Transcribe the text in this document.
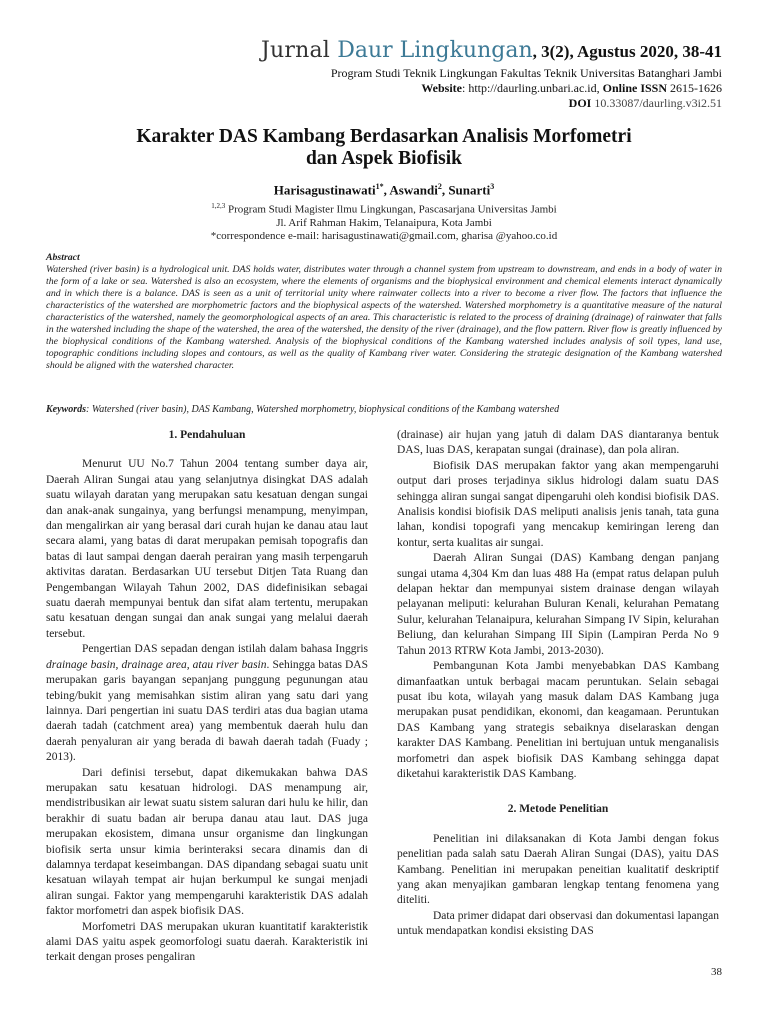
Jurnal Daur Lingkungan, 3(2), Agustus 2020, 38-41
Program Studi Teknik Lingkungan Fakultas Teknik Universitas Batanghari Jambi
Website: http://daurling.unbari.ac.id, Online ISSN 2615-1626
DOI 10.33087/daurling.v3i2.51
Karakter DAS Kambang Berdasarkan Analisis Morfometri
dan Aspek Biofisik
Harisagustinawati$^{1*}$, Aswandi$^2$, Sunarti$^3$
$^{1,2,3}$ Program Studi Magister Ilmu Lingkungan, Pascasarjana Universitas Jambi
Jl. Arif Rahman Hakim, Telanaipura, Kota Jambi
*correspondence e-mail: harisagustinawati@gmail.com, gharisa @yahoo.co.id
Abstract
Watershed (river basin) is a hydrological unit. DAS holds water, distributes water through a channel system from upstream to downstream, and ends in a body of water in the form of a lake or sea. Watershed is also an ecosystem, where the elements of organisms and the biophysical environment and chemical elements interact dynamically and in which there is a balance. DAS is seen as a unit of territorial unity where rainwater collects into a river to become a river flow. The factors that influence the characteristics of the watershed are morphometric factors and the biophysical aspects of the watershed. Watershed morphometry is a quantitative measure of the natural characteristics of the watershed, namely the geomorphological aspects of an area. This characteristic is related to the process of draining (drainage) of rainwater that falls in the watershed including the shape of the watershed, the area of the watershed, the density of the river (drainage), and the flow pattern. River flow is greatly influenced by the biophysical conditions of the Kambang watershed. Analysis of the biophysical conditions of the Kambang watershed includes analysis of soil types, land use, topographic conditions including slopes and contours, as well as the quality of Kambang river water. Considering the strategic designation of the Kambang watershed should be aligned with the watershed character.
Keywords: Watershed (river basin), DAS Kambang, Watershed morphometry, biophysical conditions of the Kambang watershed
1. Pendahuluan

Menurut UU No.7 Tahun 2004 tentang sumber daya air, Daerah Aliran Sungai atau yang selanjutnya disingkat DAS adalah suatu wilayah daratan yang merupakan satu kesatuan dengan sungai dan anak-anak sungainya, yang berfungsi menampung, menyimpan, dan mengalirkan air yang berasal dari curah hujan ke danau atau laut secara alami, yang batas di darat merupakan pemisah topografis dan batas di laut sampai dengan daerah perairan yang masih terpengaruh aktivitas daratan. Berdasarkan UU tersebut Ditjen Tata Ruang dan Pengembangan Wilayah Tahun 2002, DAS didefinisikan sebagai suatu daerah mempunyai bentuk dan sifat alam tertentu, merupakan satu kesatuan dengan sungai dan anak sungai yang melalui daerah tersebut.

Pengertian DAS sepadan dengan istilah dalam bahasa Inggris drainage basin, drainage area, atau river basin. Sehingga batas DAS merupakan garis bayangan sepanjang punggung pegunungan atau tebing/bukit yang memisahkan sistim aliran yang satu dari yang lainnya. Dari pengertian ini suatu DAS terdiri atas dua bagian utama daerah tadah (catchment area) yang membentuk daerah hulu dan daerah penyaluran air yang berada di bawah daerah tadah (Fuady ; 2013).

Dari definisi tersebut, dapat dikemukakan bahwa DAS merupakan satu kesatuan hidrologi. DAS menampung air, mendistribusikan air lewat suatu sistem saluran dari hulu ke hilir, dan berakhir di suatu badan air berupa danau atau laut. DAS juga merupakan ekosistem, dimana unsur organisme dan lingkungan biofisik serta unsur kimia berinteraksi secara dinamis dan di dalamnya terdapat keseimbangan. DAS dipandang sebagai suatu unit kesatuan wilayah tempat air hujan berkumpul ke sungai menjadi aliran sungai. Faktor yang mempengaruhi karakteristik DAS adalah faktor morfometri dan aspek biofisik DAS.

Morfometri DAS merupakan ukuran kuantitatif karakteristik alami DAS yaitu aspek geomorfologi suatu daerah. Karakteristik ini terkait dengan proses pengaliran

(drainase) air hujan yang jatuh di dalam DAS diantaranya bentuk DAS, luas DAS, kerapatan sungai (drainase), dan pola aliran.

Biofisik DAS merupakan faktor yang akan mempengaruhi output dari proses terjadinya siklus hidrologi dalam suatu DAS sehingga aliran sungai sangat dipengaruhi oleh kondisi biofisik DAS. Analisis kondisi biofisik DAS meliputi analisis jenis tanah, tata guna lahan, kondisi topografi yang mencakup kemiringan lereng dan kontur, serta kualitas air sungai.

Daerah Aliran Sungai (DAS) Kambang dengan panjang sungai utama 4,304 Km dan luas 488 Ha (empat ratus delapan puluh delapan hektar dan mempunyai sistem drainase dengan wilayah pelayanan meliputi: kelurahan Buluran Kenali, kelurahan Pematang Sulur, kelurahan Telanaipura, kelurahan Simpang IV Sipin, kelurahan Beliung, dan kelurahan Simpang III Sipin (Lampiran Perda No 9 Tahun 2013 RTRW Kota Jambi, 2013-2030).

Pembangunan Kota Jambi menyebabkan DAS Kambang dimanfaatkan untuk berbagai macam peruntukan. Selain sebagai pusat ibu kota, wilayah yang masuk dalam DAS Kambang juga merupakan pusat pendidikan, ekonomi, dan keagamaan. Peruntukan DAS Kambang yang strategis sebaiknya diselaraskan dengan karakter DAS Kambang. Penelitian ini bertujuan untuk menganalisis morfometri dan aspek biofisik DAS Kambang sehingga dapat diketahui karakteristik DAS Kambang.

2. Metode Penelitian

Penelitian ini dilaksanakan di Kota Jambi dengan fokus penelitian pada salah satu Daerah Aliran Sungai (DAS), yaitu DAS Kambang. Penelitian ini merupakan peneitian kualitatif deskriptif yang akan menyajikan gambaran lengkap tentang fenomena yang diteliti.

Data primer didapat dari observasi dan dokumentasi lapangan untuk mendapatkan kondisi eksisting DAS

38
